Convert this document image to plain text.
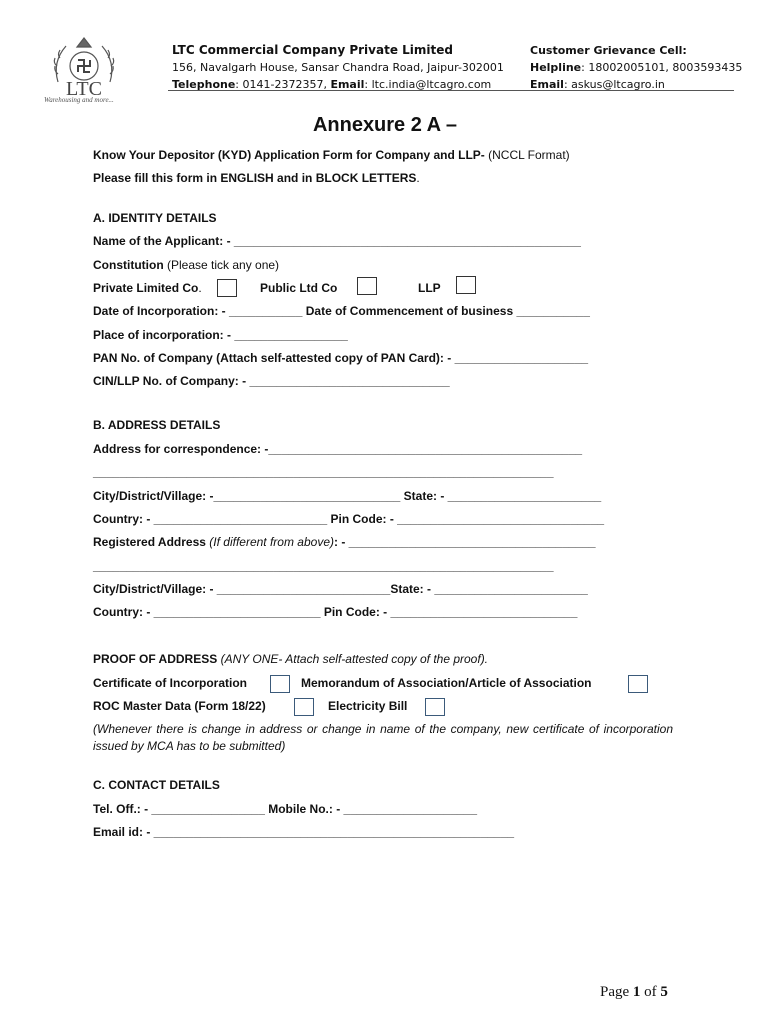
LTC
Warehousing and more...
LTC Commercial Company Private Limited
156, Navalgarh House, Sansar Chandra Road, Jaipur-302001
Telephone: 0141-2372357, Email: ltc.india@ltcagro.com
Customer Grievance Cell:
Helpline: 18002005101, 8003593435
Email: askus@ltcagro.in
Annexure 2 A –
Know Your Depositor (KYD) Application Form for Company and LLP- (NCCL Format)
Please fill this form in ENGLISH and in BLOCK LETTERS.
A. IDENTITY DETAILS
Name of the Applicant: - ____________________________________________________
Constitution (Please tick any one)
Private Limited Co.	Public Ltd Co	LLP
Date of Incorporation: - ___________ Date of Commencement of business ___________
Place of incorporation: - _________________
PAN No. of Company (Attach self-attested copy of PAN Card): - ____________________
CIN/LLP No. of Company: - ______________________________
B. ADDRESS DETAILS
Address for correspondence: -_______________________________________________
_____________________________________________________________________
City/District/Village: -____________________________ State: - _______________________
Country: - __________________________ Pin Code: - _______________________________
Registered Address (If different from above): - _____________________________________
_____________________________________________________________________
City/District/Village: - __________________________State: - _______________________
Country: - _________________________ Pin Code: - ____________________________
PROOF OF ADDRESS (ANY ONE- Attach self-attested copy of the proof).
Certificate of Incorporation	Memorandum of Association/Article of Association
ROC Master Data (Form 18/22)	Electricity Bill
(Whenever there is change in address or change in name of the company, new certificate of incorporation issued by MCA has to be submitted)
C. CONTACT DETAILS
Tel. Off.: - _________________ Mobile No.: - ____________________
Email id: - ______________________________________________________
Page 1 of 5
